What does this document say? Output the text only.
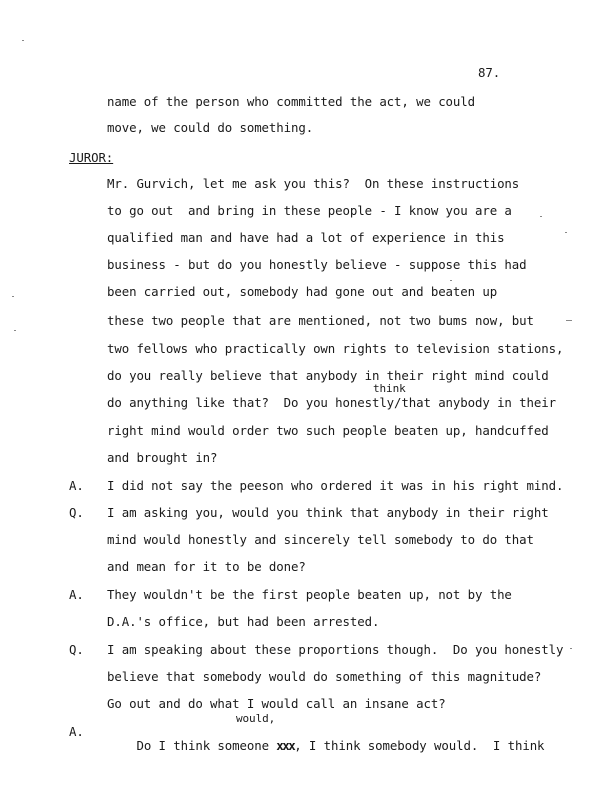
87.
name of the person who committed the act, we could
move, we could do something.
JUROR:
Mr. Gurvich, let me ask you this?  On these instructions
to go out  and bring in these people - I know you are a
qualified man and have had a lot of experience in this
business - but do you honestly believe - suppose this had
been carried out, somebody had gone out and beaten up
these two people that are mentioned, not two bums now, but
two fellows who practically own rights to television stations,
do you really believe that anybody in their right mind could
think
do anything like that?  Do you honestly/that anybody in their
right mind would order two such people beaten up, handcuffed
and brought in?
A. I did not say the peeson who ordered it was in his right mind.
Q. I am asking you, would you think that anybody in their right
mind would honestly and sincerely tell somebody to do that
and mean for it to be done?
A. They wouldn't be the first people beaten up, not by the
D.A.'s office, but had been arrested.
Q. I am speaking about these proportions though.  Do you honestly
believe that somebody would do something of this magnitude?
Go out and do what I would call an insane act?
would,
A.

Do I think someone xxx, I think somebody would.  I think
